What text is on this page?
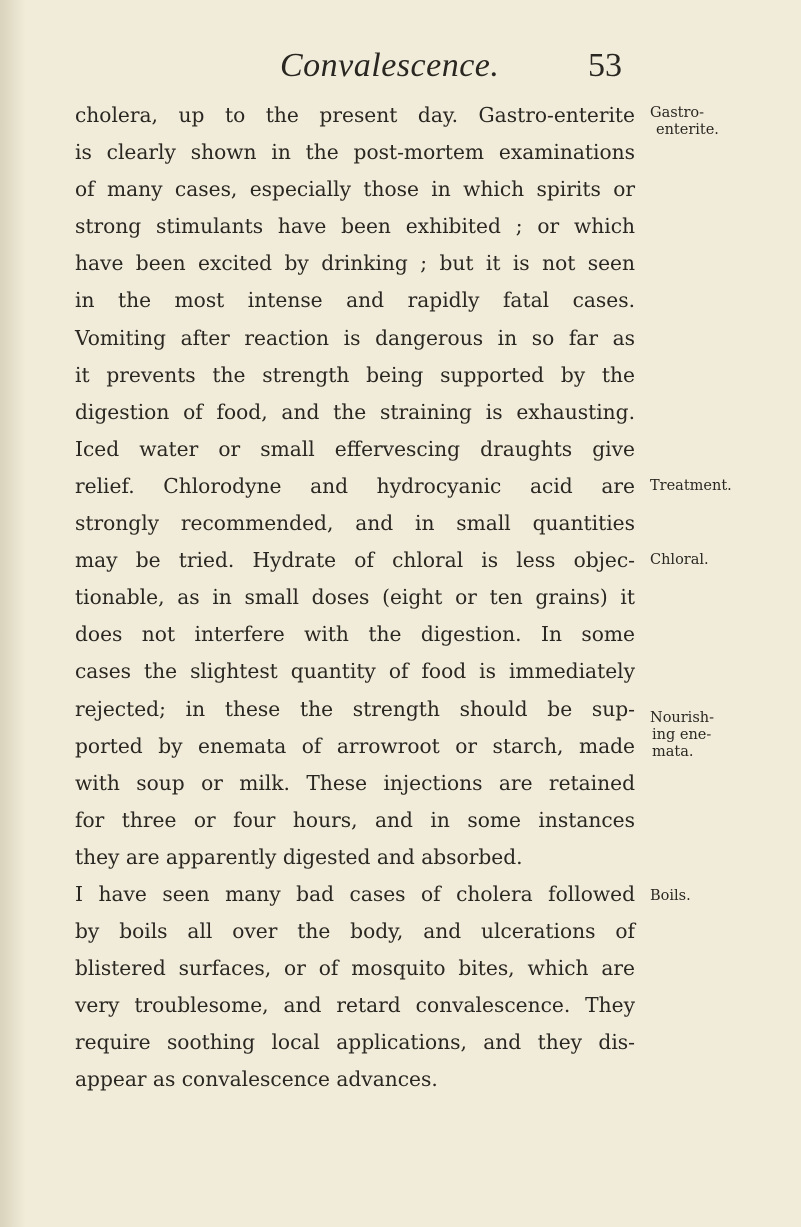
Convalescence.	53
cholera, up to the present day. Gastro-enterite
is clearly shown in the post-mortem examinations
of many cases, especially those in which spirits or
strong stimulants have been exhibited ; or which
have been excited by drinking ; but it is not seen
in the most intense and rapidly fatal cases.
Vomiting after reaction is dangerous in so far as
it prevents the strength being supported by the
digestion of food, and the straining is exhausting.
Iced water or small effervescing draughts give
relief. Chlorodyne and hydrocyanic acid are
strongly recommended, and in small quantities
may be tried. Hydrate of chloral is less objec-
tionable, as in small doses (eight or ten grains) it
does not interfere with the digestion. In some
cases the slightest quantity of food is immediately
rejected; in these the strength should be sup-
ported by enemata of arrowroot or starch, made
with soup or milk. These injections are retained
for three or four hours, and in some instances
they are apparently digested and absorbed.
I have seen many bad cases of cholera followed
by boils all over the body, and ulcerations of
blistered surfaces, or of mosquito bites, which are
very troublesome, and retard convalescence. They
require soothing local applications, and they dis-
appear as convalescence advances.
Gastro-
enterite.
Treatment.
Chloral.
Nourish-
ing ene-
mata.
Boils.
